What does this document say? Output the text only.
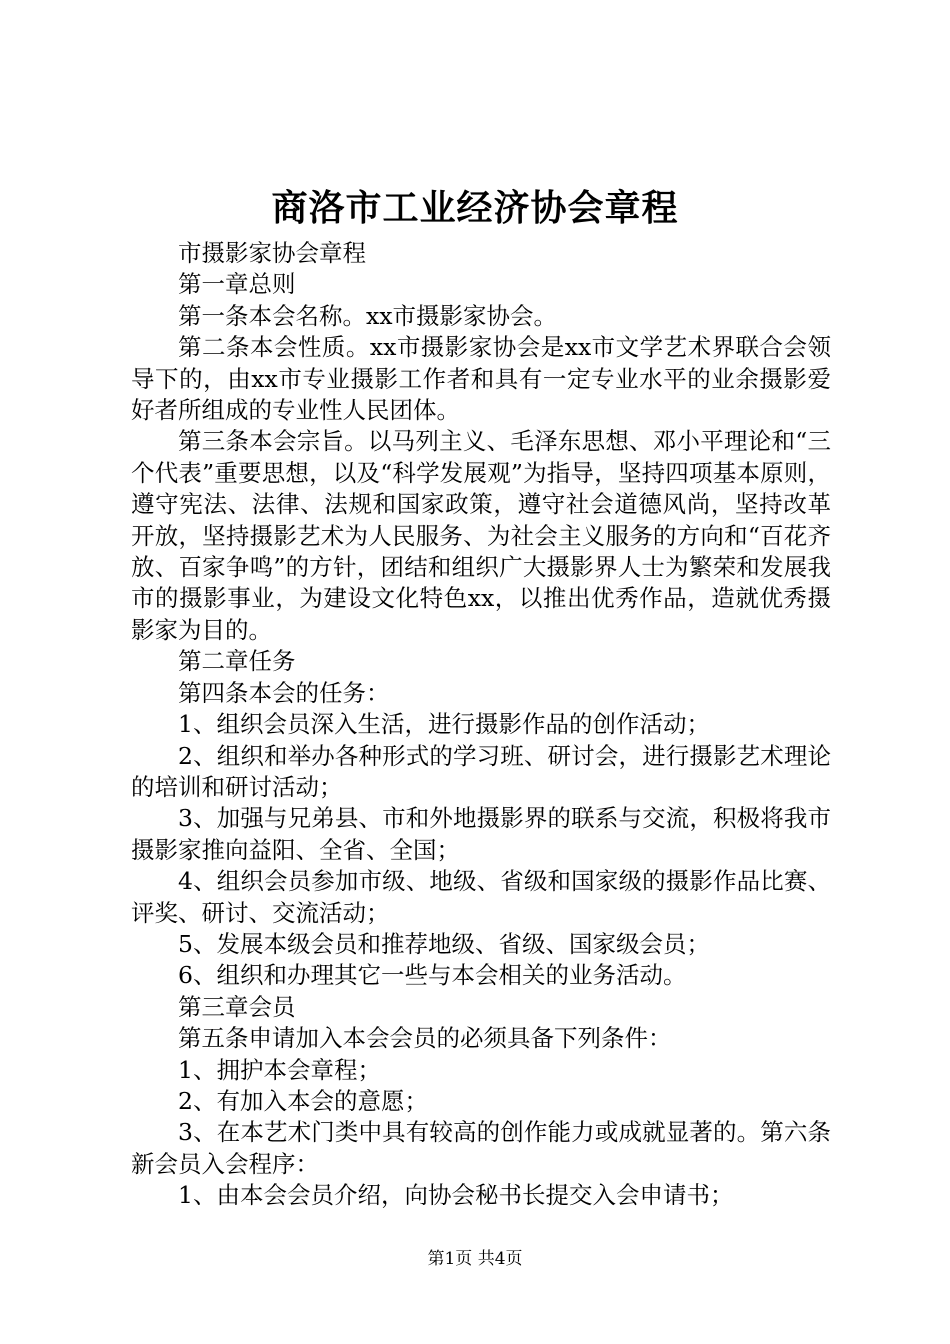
商洛市工业经济协会章程

市摄影家协会章程

第一章总则

第一条本会名称。xx市摄影家协会。

第二条本会性质。xx市摄影家协会是xx市文学艺术界联合会领导下的，由xx市专业摄影工作者和具有一定专业水平的业余摄影爱好者所组成的专业性人民团体。

第三条本会宗旨。以马列主义、毛泽东思想、邓小平理论和“三个代表”重要思想，以及“科学发展观”为指导，坚持四项基本原则，遵守宪法、法律、法规和国家政策，遵守社会道德风尚，坚持改革开放，坚持摄影艺术为人民服务、为社会主义服务的方向和“百花齐放、百家争鸣”的方针，团结和组织广大摄影界人士为繁荣和发展我市的摄影事业，为建设文化特色xx，以推出优秀作品，造就优秀摄影家为目的。

第二章任务

第四条本会的任务：

1、组织会员深入生活，进行摄影作品的创作活动；

2、组织和举办各种形式的学习班、研讨会，进行摄影艺术理论的培训和研讨活动；

3、加强与兄弟县、市和外地摄影界的联系与交流，积极将我市摄影家推向益阳、全省、全国；

4、组织会员参加市级、地级、省级和国家级的摄影作品比赛、评奖、研讨、交流活动；

5、发展本级会员和推荐地级、省级、国家级会员；

6、组织和办理其它一些与本会相关的业务活动。

第三章会员

第五条申请加入本会会员的必须具备下列条件：

1、拥护本会章程；

2、有加入本会的意愿；

3、在本艺术门类中具有较高的创作能力或成就显著的。第六条新会员入会程序：

1、由本会会员介绍，向协会秘书长提交入会申请书；

第1页 共4页
